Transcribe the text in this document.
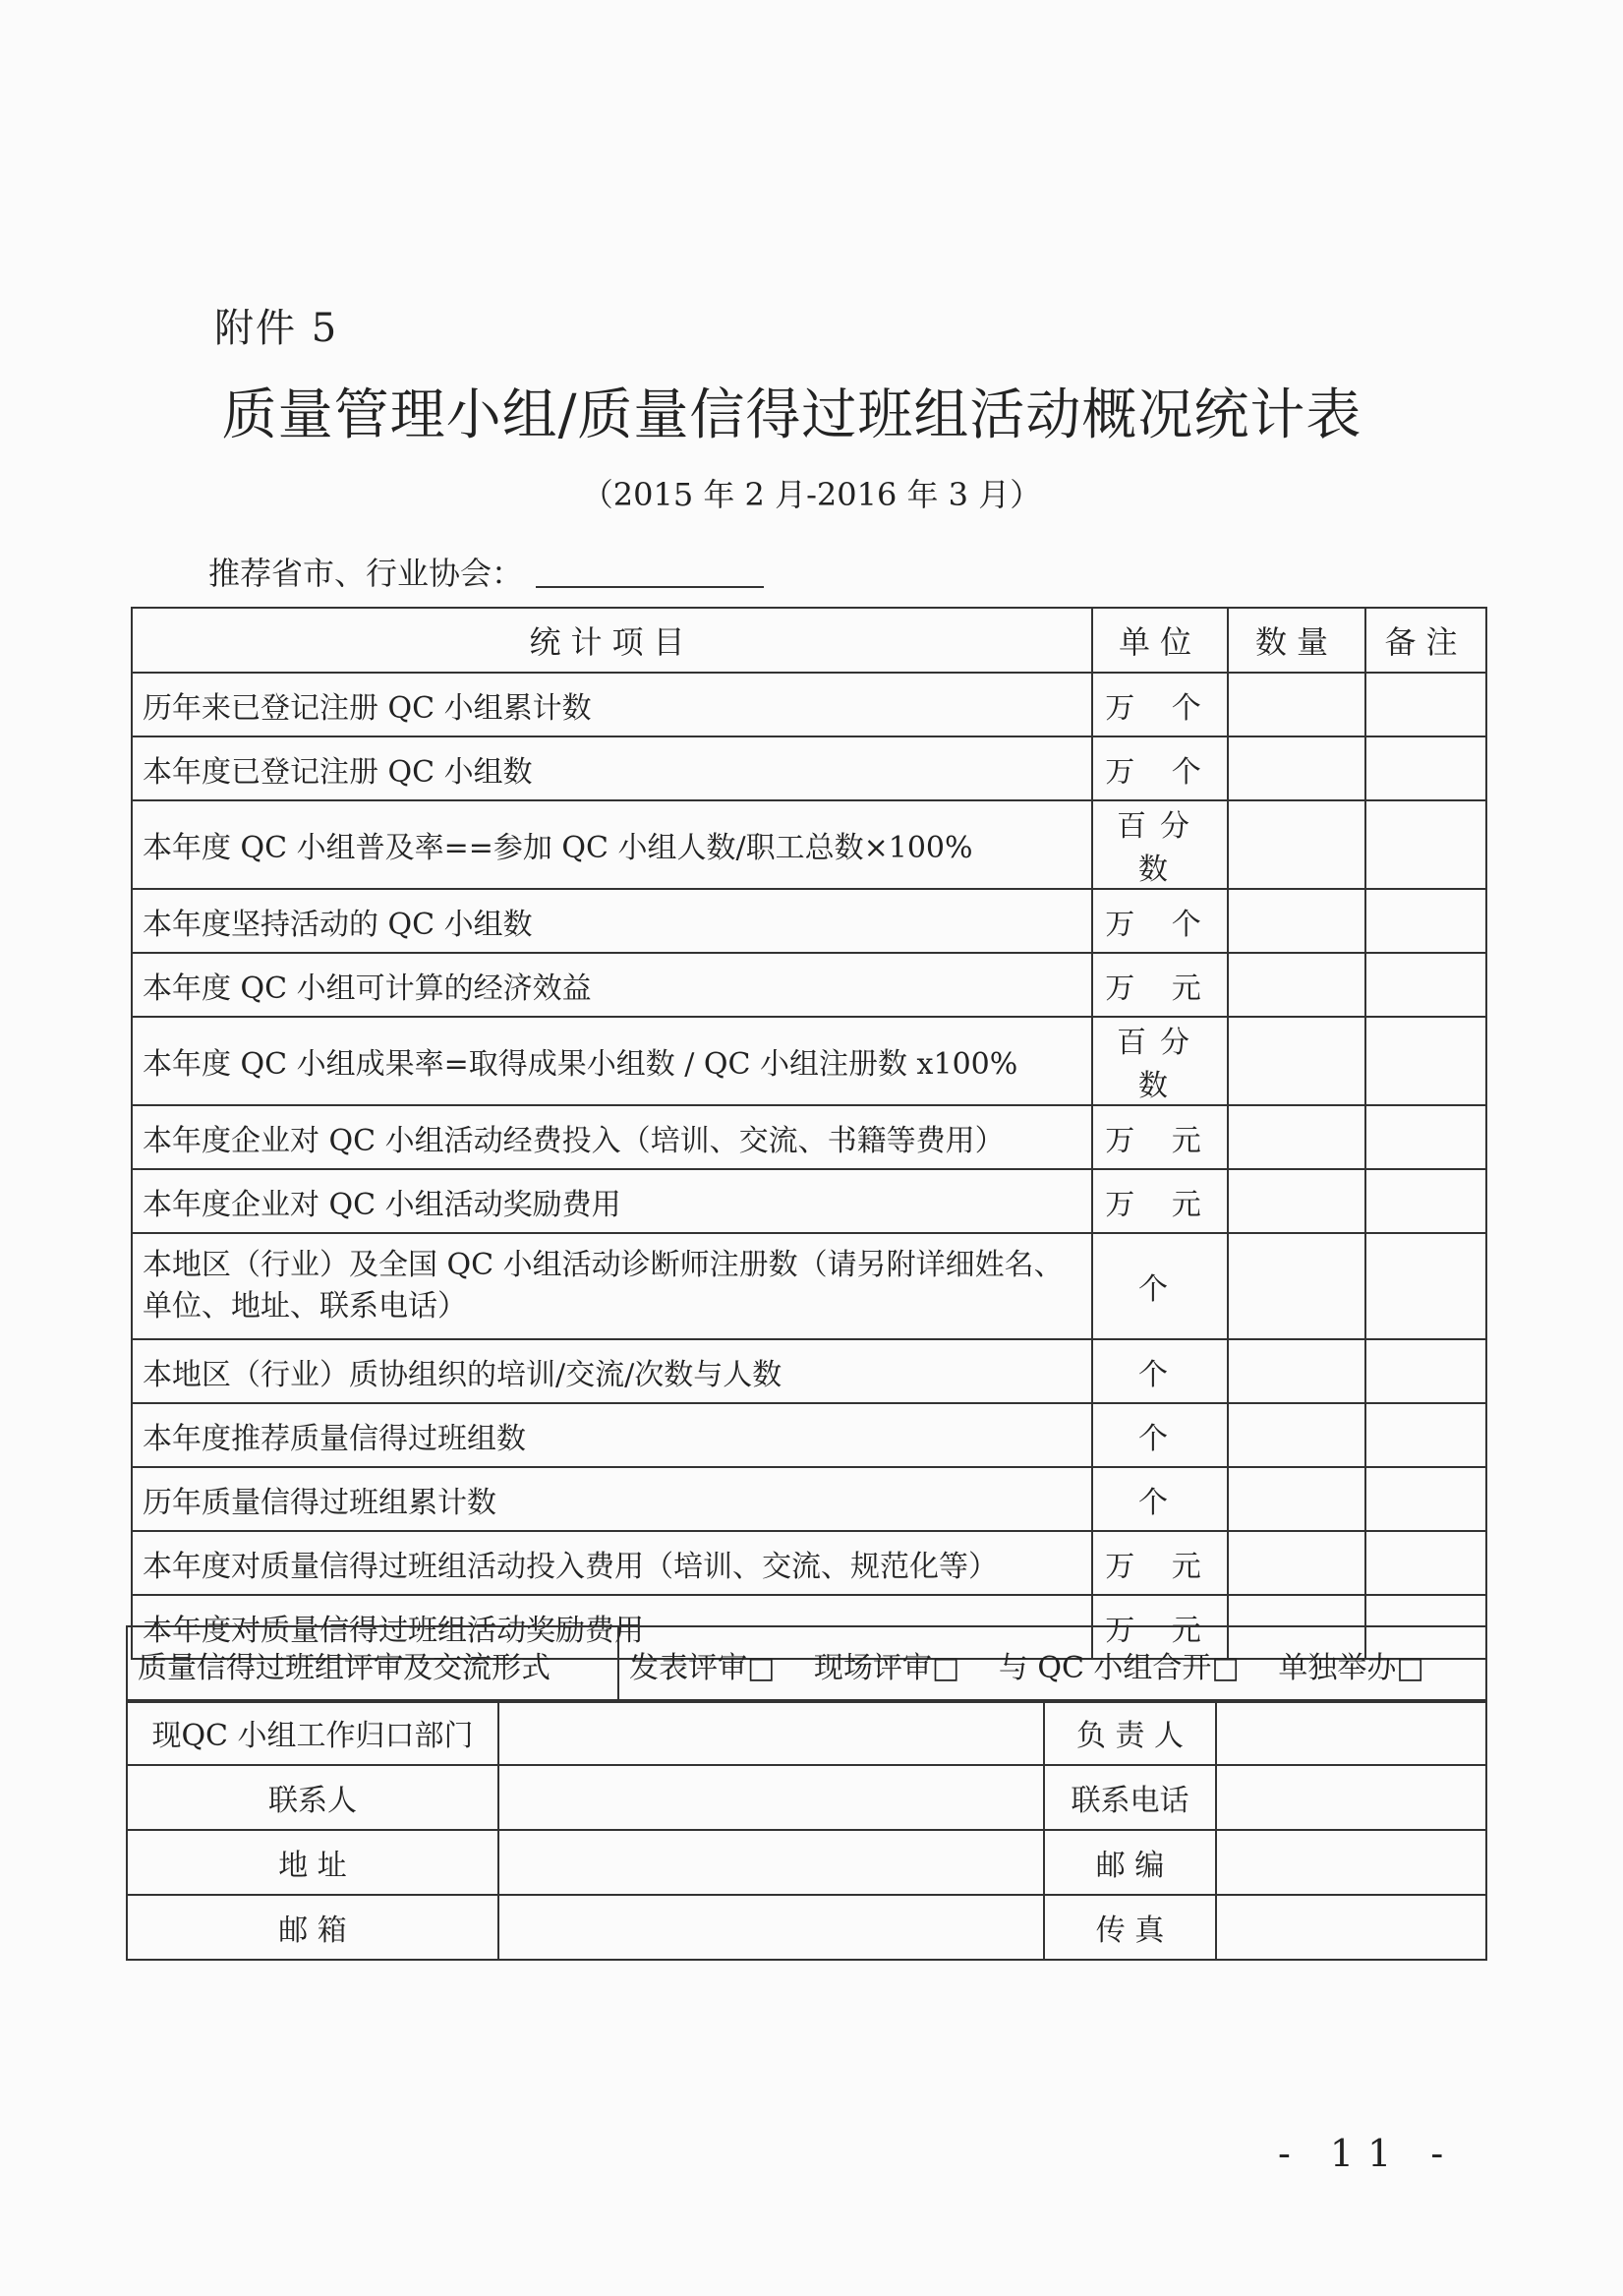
附件 5
质量管理小组/质量信得过班组活动概况统计表
（2015 年 2 月-2016 年 3 月）
推荐省市、行业协会：
统计项目	单位	数量	备注
历年来已登记注册 QC 小组累计数	万 个		
本年度已登记注册 QC 小组数	万 个		
本年度 QC 小组普及率==参加 QC 小组人数/职工总数×100%	百分数		
本年度坚持活动的 QC 小组数	万 个		
本年度 QC 小组可计算的经济效益	万 元		
本年度 QC 小组成果率=取得成果小组数 / QC 小组注册数 x100%	百分数		
本年度企业对 QC 小组活动经费投入（培训、交流、书籍等费用）	万 元		
本年度企业对 QC 小组活动奖励费用	万 元		
本地区（行业）及全国 QC 小组活动诊断师注册数（请另附详细姓名、单位、地址、联系电话）	个		
本地区（行业）质协组织的培训/交流/次数与人数	个		
本年度推荐质量信得过班组数	个		
历年质量信得过班组累计数	个		
本年度对质量信得过班组活动投入费用（培训、交流、规范化等）	万 元		
本年度对质量信得过班组活动奖励费用	万 元		
质量信得过班组评审及交流形式	发表评审□ 现场评审□ 与 QC 小组合开□ 单独举办□
现QC 小组工作归口部门		负 责 人	
联系人		联系电话	
地 址		邮 编	
邮 箱		传 真	
- 11 -
